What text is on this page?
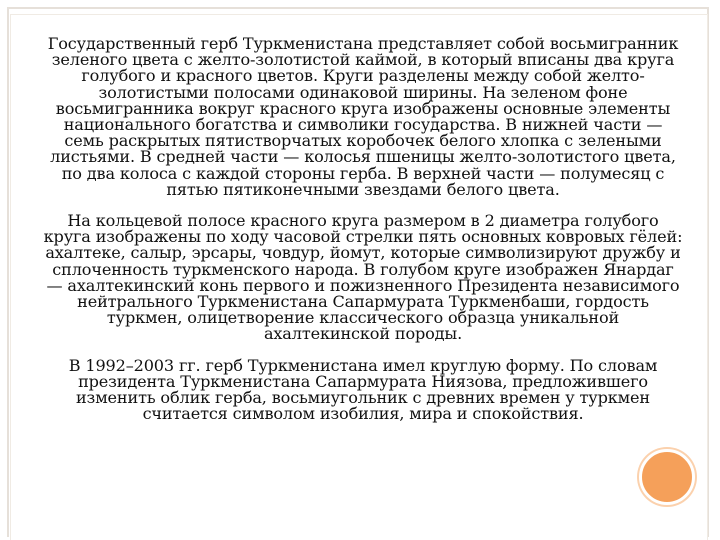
Государственный герб Туркменистана представляет собой восьмигранник
зеленого цвета с желто-золотистой каймой, в который вписаны два круга
голубого и красного цветов. Круги разделены между собой желто-
золотистыми полосами одинаковой ширины. На зеленом фоне
восьмигранника вокруг красного круга изображены основные элементы
национального богатства и символики государства. В нижней части —
семь раскрытых пятистворчатых коробочек белого хлопка с зелеными
листьями. В средней части — колосья пшеницы желто-золотистого цвета,
по два колоса с каждой стороны герба. В верхней части — полумесяц с
пятью пятиконечными звездами белого цвета.

На кольцевой полосе красного круга размером в 2 диаметра голубого
круга изображены по ходу часовой стрелки пять основных ковровых гёлей:
ахалтеке, салыр, эрсары, човдур, йомут, которые символизируют дружбу и
сплоченность туркменского народа. В голубом круге изображен Янардаг
— ахалтекинский конь первого и пожизненного Президента независимого
нейтрального Туркменистана Сапармурата Туркменбаши, гордость
туркмен, олицетворение классического образца уникальной
ахалтекинской породы.

В 1992–2003 гг. герб Туркменистана имел круглую форму. По словам
президента Туркменистана Сапармурата Ниязова, предложившего
изменить облик герба, восьмиугольник с древних времен у туркмен
считается символом изобилия, мира и спокойствия.
